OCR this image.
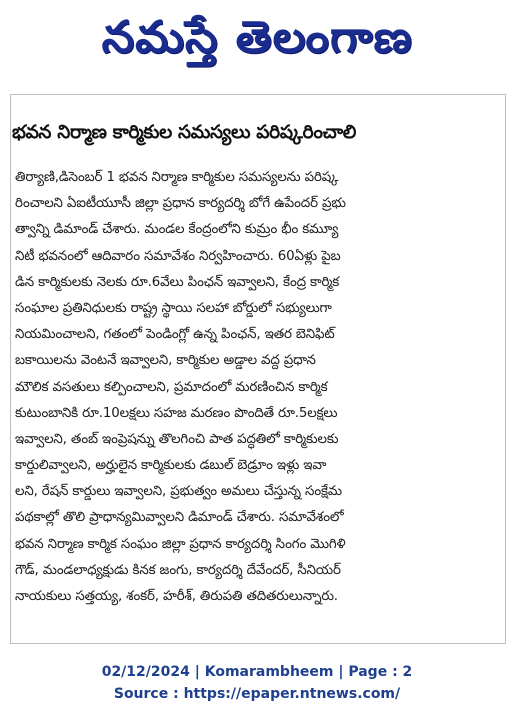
నమస్తే తెలంగాణ
భవన నిర్మాణ కార్మికుల సమస్యలు పరిష్కరించాలి
తిర్యాణి,డిసెంబర్ 1 భవన నిర్మాణ కార్మికుల సమస్యలను పరిష్క
రించాలని ఏఐటీయూసీ జిల్లా ప్రధాన కార్యదర్శి బోగే ఉపేందర్ ప్రభు
త్వాన్ని డిమాండ్ చేశారు. మండల కేంద్రంలోని కుమ్రం భీం కమ్యూ
నిటీ భవనంలో ఆదివారం సమావేశం నిర్వహించారు. 60ఏళ్లు పైబ
డిన కార్మికులకు నెలకు రూ.6వేలు పింఛన్ ఇవ్వాలని, కేంద్ర కార్మిక
సంఘాల ప్రతినిధులకు రాష్ట్ర స్థాయి సలహా బోర్డులో సభ్యులుగా
నియమించాలని, గతంలో పెండింగ్లో ఉన్న పింఛన్, ఇతర బెనిఫిట్
బకాయిలను వెంటనే ఇవ్వాలని, కార్మికుల అడ్డాల వద్ద ప్రధాన
మౌలిక వసతులు కల్పించాలని, ప్రమాదంలో మరణించిన కార్మిక
కుటుంబానికి రూ.10లక్షలు సహజ మరణం పొందితే రూ.5లక్షలు
ఇవ్వాలని, తంబ్ ఇంప్రెషన్ను తొలగించి పాత పద్ధతిలో కార్మికులకు
కార్డులివ్వాలని, అర్హులైన కార్మికులకు డబుల్ బెడ్రూం ఇళ్లు ఇవా
లని, రేషన్ కార్డులు ఇవ్వాలని, ప్రభుత్వం అమలు చేస్తున్న సంక్షేమ
పథకాల్లో తొలి ప్రాధాన్యమివ్వాలని డిమాండ్ చేశారు. సమావేశంలో
భవన నిర్మాణ కార్మిక సంఘం జిల్లా ప్రధాన కార్యదర్శి సింగం మొగిళి
గౌడ్, మండలాధ్యక్షుడు కినక జంగు, కార్యదర్శి దేవేందర్, సీనియర్
నాయకులు సత్తయ్య, శంకర్, హరీశ్, తిరుపతి తదితరులున్నారు.
02/12/2024 | Komarambheem | Page : 2
Source : https://epaper.ntnews.com/
